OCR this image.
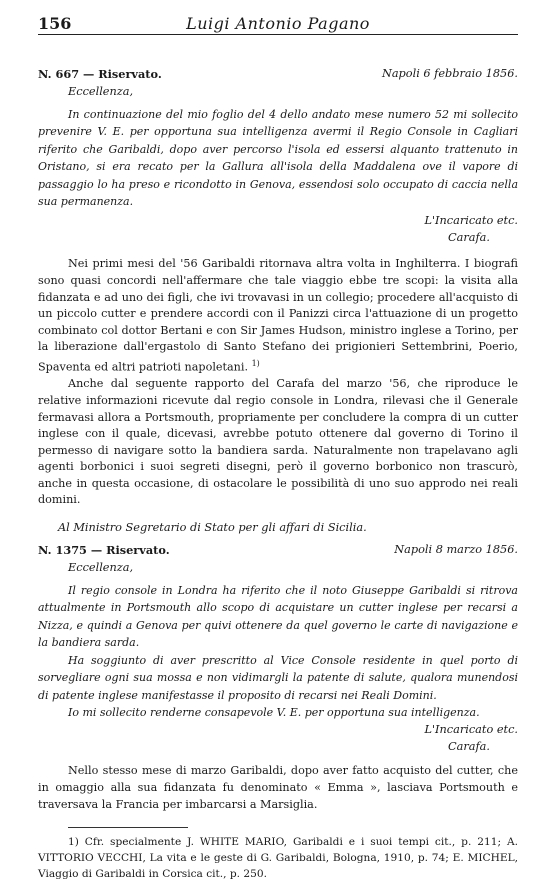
156	Luigi Antonio Pagano
N. 667 — Riservato.	Napoli 6 febbraio 1856.
Eccellenza,

In continuazione del mio foglio del 4 dello andato mese numero 52 mi sollecito prevenire V. E. per opportuna sua intelligenza avermi il Regio Console in Cagliari riferito che Garibaldi, dopo aver percorso l'isola ed essersi alquanto trattenuto in Oristano, si era recato per la Gallura all'isola della Maddalena ove il vapore di passaggio lo ha preso e ricondotto in Genova, essendosi solo occupato di caccia nella sua permanenza.

L'Incaricato etc.
Carafa.

Nei primi mesi del '56 Garibaldi ritornava altra volta in Inghilterra. I biografi sono quasi concordi nell'affermare che tale viaggio ebbe tre scopi: la visita alla fidanzata e ad uno dei figli, che ivi trovavasi in un collegio; procedere all'acquisto di un piccolo cutter e prendere accordi con il Panizzi circa l'attuazione di un progetto combinato col dottor Bertani e con Sir James Hudson, ministro inglese a Torino, per la liberazione dall'ergastolo di Santo Stefano dei prigionieri Settembrini, Poerio, Spaventa ed altri patrioti napoletani. $^{1)}$

Anche dal seguente rapporto del Carafa del marzo '56, che riproduce le relative informazioni ricevute dal regio console in Londra, rilevasi che il Generale fermavasi allora a Portsmouth, propriamente per concludere la compra di un cutter inglese con il quale, dicevasi, avrebbe potuto ottenere dal governo di Torino il permesso di navigare sotto la bandiera sarda. Naturalmente non trapelavano agli agenti borbonici i suoi segreti disegni, però il governo borbonico non trascurò, anche in questa occasione, di ostacolare le possibilità di uno suo approdo nei reali domini.

Al Ministro Segretario di Stato per gli affari di Sicilia.

N. 1375 — Riservato.	Napoli 8 marzo 1856.
Eccellenza,

Il regio console in Londra ha riferito che il noto Giuseppe Garibaldi si ritrova attualmente in Portsmouth allo scopo di acquistare un cutter inglese per recarsi a Nizza, e quindi a Genova per quivi ottenere da quel governo le carte di navigazione e la bandiera sarda.

Ha soggiunto di aver prescritto al Vice Console residente in quel porto di sorvegliare ogni sua mossa e non vidimargli la patente di salute, qualora munendosi di patente inglese manifestasse il proposito di recarsi nei Reali Domini.

Io mi sollecito renderne consapevole V. E. per opportuna sua intelligenza.

L'Incaricato etc.
Carafa.

Nello stesso mese di marzo Garibaldi, dopo aver fatto acquisto del cutter, che in omaggio alla sua fidanzata fu denominato « Emma », lasciava Portsmouth e traversava la Francia per imbarcarsi a Marsiglia.

1) Cfr. specialmente J. WHITE MARIO, Garibaldi e i suoi tempi cit., p. 211; A. VITTORIO VECCHI, La vita e le geste di G. Garibaldi, Bologna, 1910, p. 74; E. MICHEL, Viaggio di Garibaldi in Corsica cit., p. 250.
